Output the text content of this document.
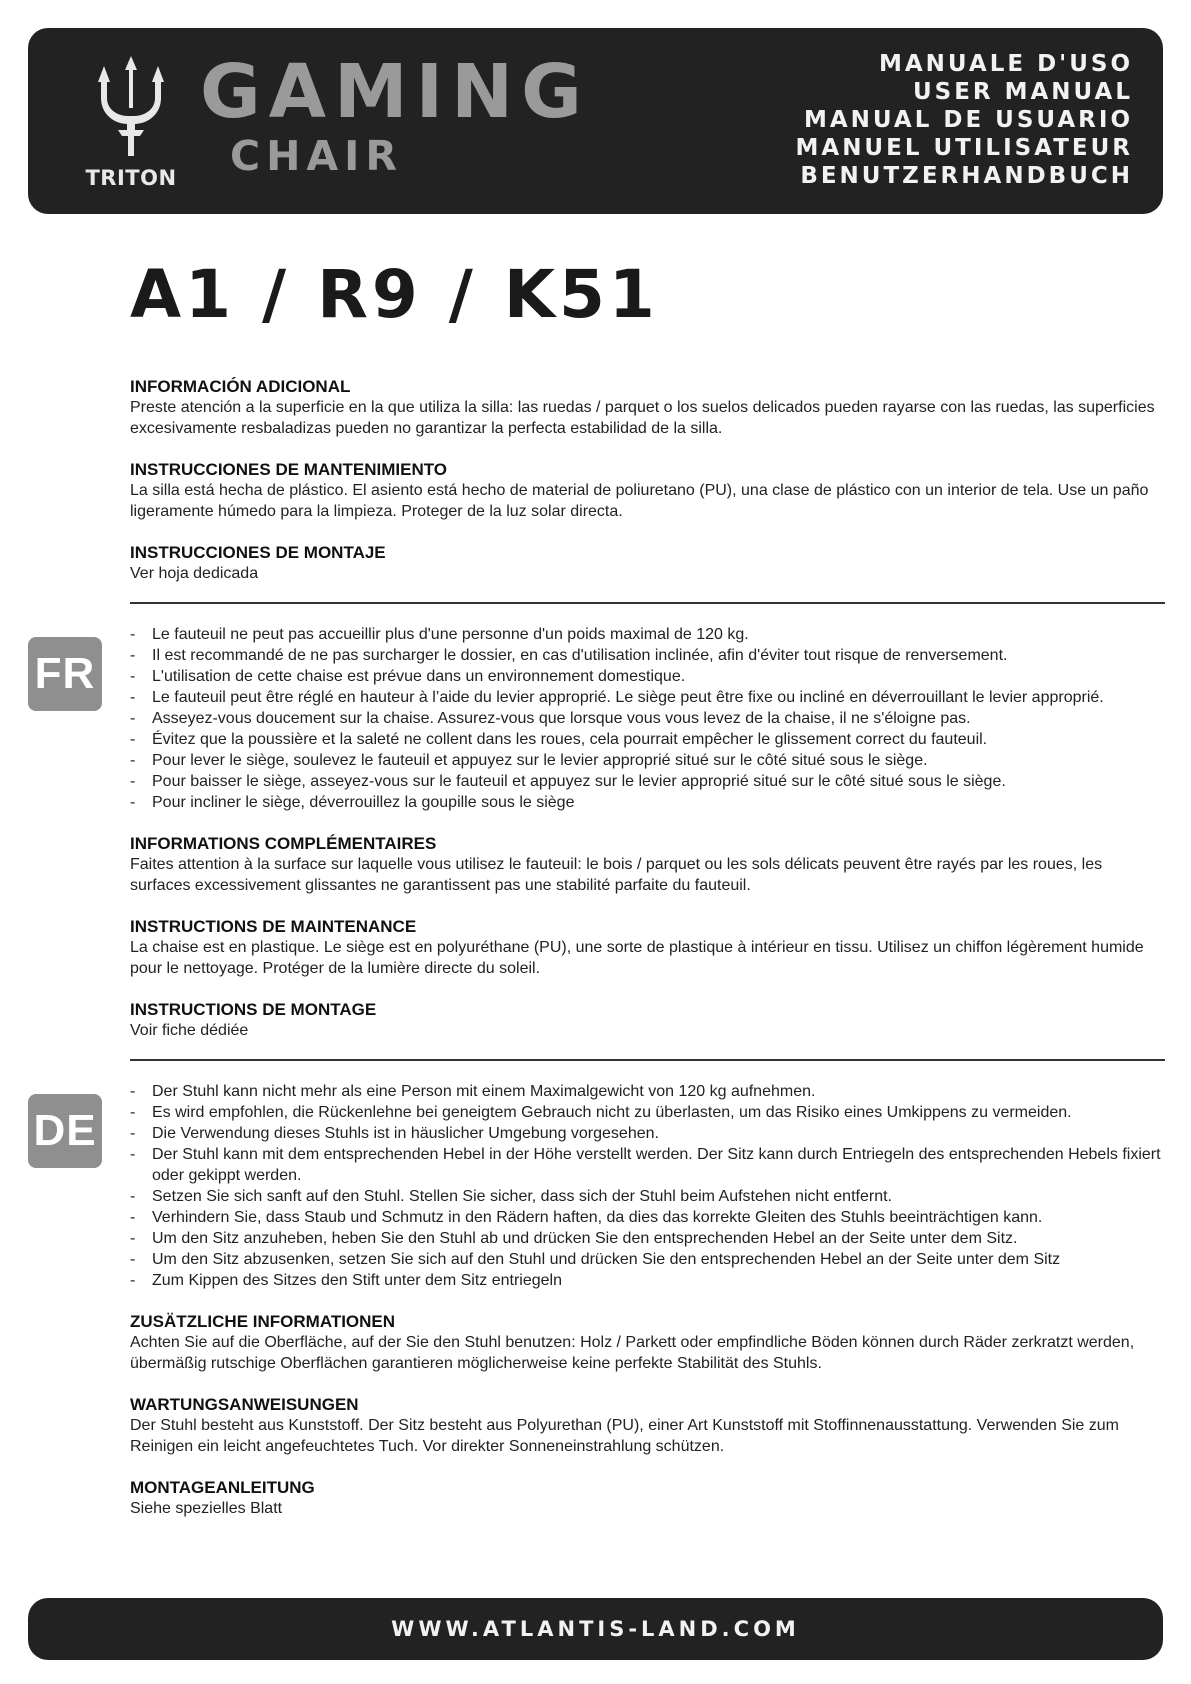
TRITON
GAMING
CHAIR
MANUALE D'USO
USER MANUAL
MANUAL DE USUARIO
MANUEL UTILISATEUR
BENUTZERHANDBUCH
A1 / R9 / K51
INFORMACIÓN ADICIONAL

Preste atención a la superficie en la que utiliza la silla: las ruedas / parquet o los suelos delicados pueden rayarse con las ruedas, las superficies excesivamente resbaladizas pueden no garantizar la perfecta estabilidad de la silla.

INSTRUCCIONES DE MANTENIMIENTO

La silla está hecha de plástico. El asiento está hecho de material de poliuretano (PU), una clase de plástico con un interior de tela. Use un paño ligeramente húmedo para la limpieza. Proteger de la luz solar directa.

INSTRUCCIONES DE MONTAJE

Ver hoja dedicada

FR
- Le fauteuil ne peut pas accueillir plus d'une personne d'un poids maximal de 120 kg.
- Il est recommandé de ne pas surcharger le dossier, en cas d'utilisation inclinée, afin d'éviter tout risque de renversement.
- L'utilisation de cette chaise est prévue dans un environnement domestique.
- Le fauteuil peut être réglé en hauteur à l’aide du levier approprié. Le siège peut être fixe ou incliné en déverrouillant le levier approprié.
- Asseyez-vous doucement sur la chaise. Assurez-vous que lorsque vous vous levez de la chaise, il ne s'éloigne pas.
- Évitez que la poussière et la saleté ne collent dans les roues, cela pourrait empêcher le glissement correct du fauteuil.
- Pour lever le siège, soulevez le fauteuil et appuyez sur le levier approprié situé sur le côté situé sous le siège.
- Pour baisser le siège, asseyez-vous sur le fauteuil et appuyez sur le levier approprié situé sur le côté situé sous le siège.
- Pour incliner le siège, déverrouillez la goupille sous le siège
INFORMATIONS COMPLÉMENTAIRES

Faites attention à la surface sur laquelle vous utilisez le fauteuil: le bois / parquet ou les sols délicats peuvent être rayés par les roues, les surfaces excessivement glissantes ne garantissent pas une stabilité parfaite du fauteuil.

INSTRUCTIONS DE MAINTENANCE

La chaise est en plastique. Le siège est en polyuréthane (PU), une sorte de plastique à intérieur en tissu. Utilisez un chiffon légèrement humide pour le nettoyage. Protéger de la lumière directe du soleil.

INSTRUCTIONS DE MONTAGE

Voir fiche dédiée

DE
- Der Stuhl kann nicht mehr als eine Person mit einem Maximalgewicht von 120 kg aufnehmen.
- Es wird empfohlen, die Rückenlehne bei geneigtem Gebrauch nicht zu überlasten, um das Risiko eines Umkippens zu vermeiden.
- Die Verwendung dieses Stuhls ist in häuslicher Umgebung vorgesehen.
- Der Stuhl kann mit dem entsprechenden Hebel in der Höhe verstellt werden. Der Sitz kann durch Entriegeln des entsprechenden Hebels fixiert oder gekippt werden.
- Setzen Sie sich sanft auf den Stuhl. Stellen Sie sicher, dass sich der Stuhl beim Aufstehen nicht entfernt.
- Verhindern Sie, dass Staub und Schmutz in den Rädern haften, da dies das korrekte Gleiten des Stuhls beeinträchtigen kann.
- Um den Sitz anzuheben, heben Sie den Stuhl ab und drücken Sie den entsprechenden Hebel an der Seite unter dem Sitz.
- Um den Sitz abzusenken, setzen Sie sich auf den Stuhl und drücken Sie den entsprechenden Hebel an der Seite unter dem Sitz
- Zum Kippen des Sitzes den Stift unter dem Sitz entriegeln
ZUSÄTZLICHE INFORMATIONEN

Achten Sie auf die Oberfläche, auf der Sie den Stuhl benutzen: Holz / Parkett oder empfindliche Böden können durch Räder zerkratzt werden, übermäßig rutschige Oberflächen garantieren möglicherweise keine perfekte Stabilität des Stuhls.

WARTUNGSANWEISUNGEN

Der Stuhl besteht aus Kunststoff. Der Sitz besteht aus Polyurethan (PU), einer Art Kunststoff mit Stoffinnenausstattung. Verwenden Sie zum Reinigen ein leicht angefeuchtetes Tuch. Vor direkter Sonneneinstrahlung schützen.

MONTAGEANLEITUNG

Siehe spezielles Blatt

WWW.ATLANTIS-LAND.COM
